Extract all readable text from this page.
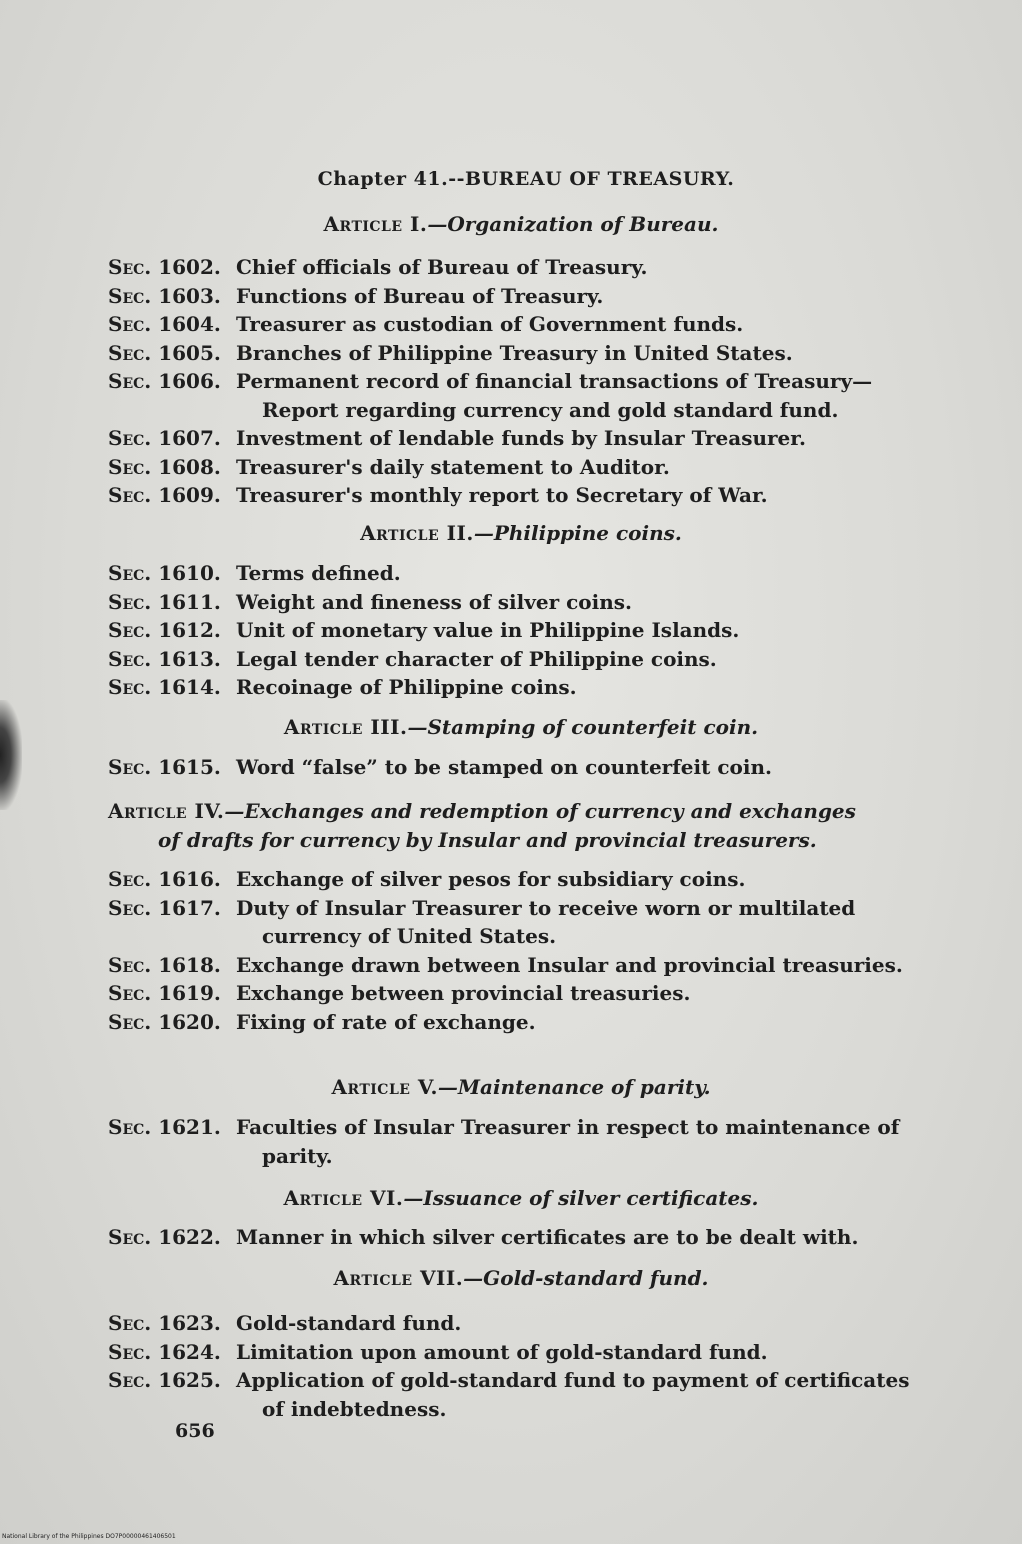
Chapter 41.--BUREAU OF TREASURY.
Article I.—Organization of Bureau.
Sec. 1602. Chief officials of Bureau of Treasury.
Sec. 1603. Functions of Bureau of Treasury.
Sec. 1604. Treasurer as custodian of Government funds.
Sec. 1605. Branches of Philippine Treasury in United States.
Sec. 1606. Permanent record of financial transactions of Treasury—Report regarding currency and gold standard fund.
Sec. 1607. Investment of lendable funds by Insular Treasurer.
Sec. 1608. Treasurer's daily statement to Auditor.
Sec. 1609. Treasurer's monthly report to Secretary of War.
Article II.—Philippine coins.
Sec. 1610. Terms defined.
Sec. 1611. Weight and fineness of silver coins.
Sec. 1612. Unit of monetary value in Philippine Islands.
Sec. 1613. Legal tender character of Philippine coins.
Sec. 1614. Recoinage of Philippine coins.
Article III.—Stamping of counterfeit coin.
Sec. 1615. Word “false” to be stamped on counterfeit coin.
Article IV.—Exchanges and redemption of currency and exchanges
of drafts for currency by Insular and provincial treasurers.
Sec. 1616. Exchange of silver pesos for subsidiary coins.
Sec. 1617. Duty of Insular Treasurer to receive worn or multilated currency of United States.
Sec. 1618. Exchange drawn between Insular and provincial treasuries.
Sec. 1619. Exchange between provincial treasuries.
Sec. 1620. Fixing of rate of exchange.
Article V.—Maintenance of parity.
Sec. 1621. Faculties of Insular Treasurer in respect to maintenance of parity.
Article VI.—Issuance of silver certificates.
Sec. 1622. Manner in which silver certificates are to be dealt with.
Article VII.—Gold-standard fund.
Sec. 1623. Gold-standard fund.
Sec. 1624. Limitation upon amount of gold-standard fund.
Sec. 1625. Application of gold-standard fund to payment of certificates of indebtedness.
656
National Library of the Philippines DO7P00000461406501
